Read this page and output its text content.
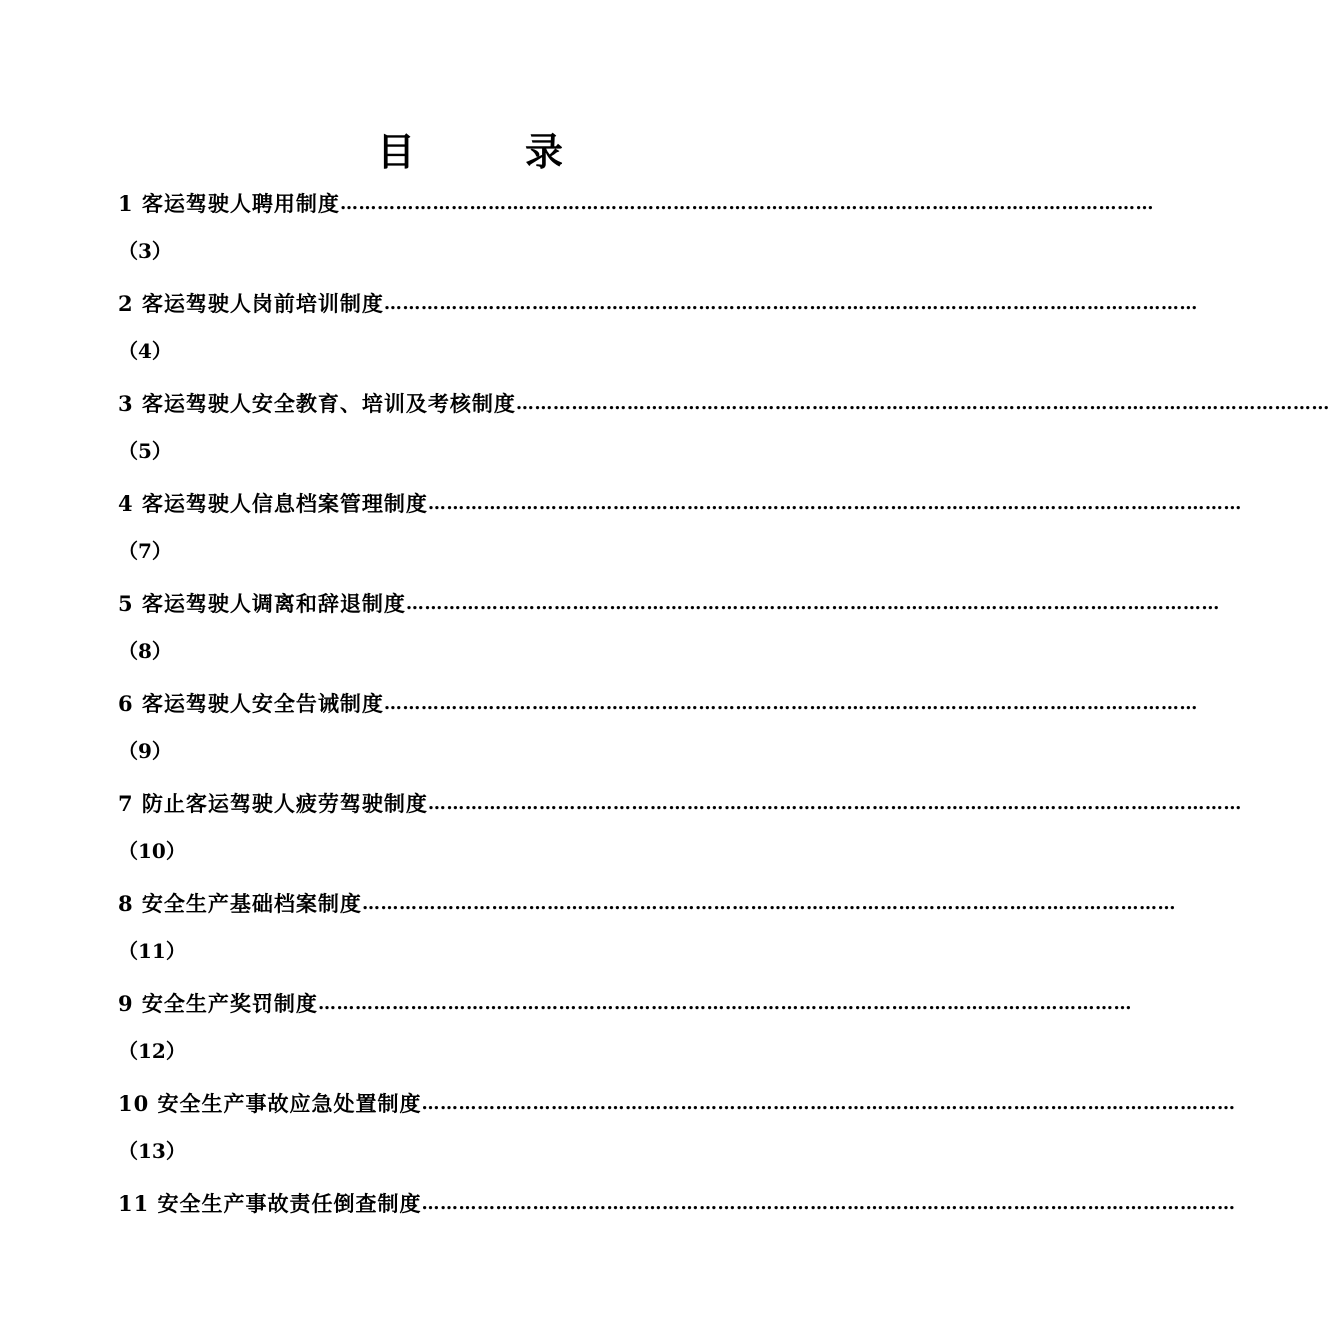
目　录
1 客运驾驶人聘用制度 ……………………………………………………………………………………………………………………
（3）
2 客运驾驶人岗前培训制度 ……………………………………………………………………………………………………………………
（4）
3 客运驾驶人安全教育、培训及考核制度 ……………………………………………………………………………………………………………………
（5）
4 客运驾驶人信息档案管理制度 ……………………………………………………………………………………………………………………
（7）
5 客运驾驶人调离和辞退制度 ……………………………………………………………………………………………………………………
（8）
6 客运驾驶人安全告诫制度 ……………………………………………………………………………………………………………………
（9）
7 防止客运驾驶人疲劳驾驶制度 ……………………………………………………………………………………………………………………
（10）
8 安全生产基础档案制度 ……………………………………………………………………………………………………………………
（11）
9 安全生产奖罚制度 ……………………………………………………………………………………………………………………
（12）
10 安全生产事故应急处置制度 ……………………………………………………………………………………………………………………
（13）
11 安全生产事故责任倒查制度 ……………………………………………………………………………………………………………………
